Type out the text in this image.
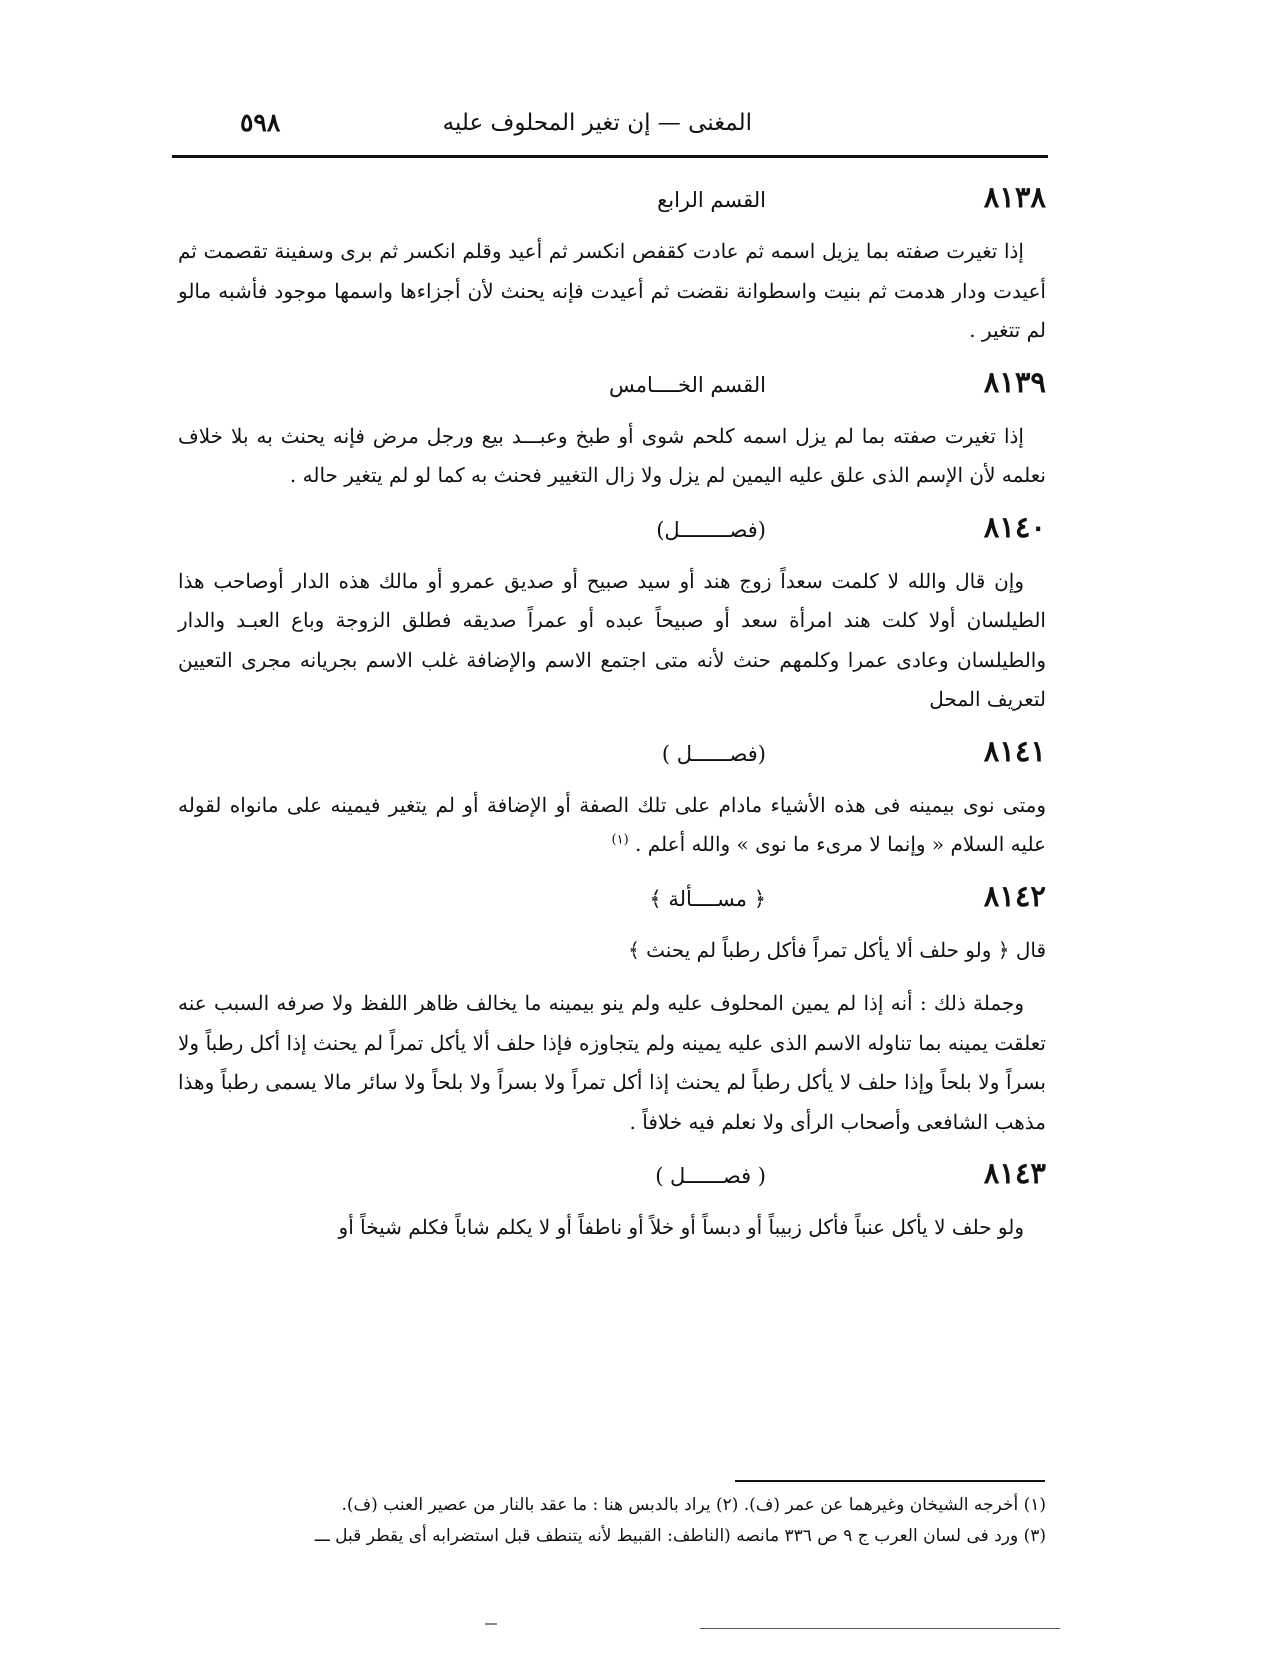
المغنى — إن تغير المحلوف عليه
٥٩٨
٨١٣٨
القسم الرابع

إذا تغيرت صفته بما يزيل اسمه ثم عادت كقفص انكسر ثم أعيد وقلم انكسر ثم برى وسفينة تقصمت ثم أعيدت ودار هدمت ثم بنيت واسطوانة نقضت ثم أعيدت فإنه يحنث لأن أجزاءها واسمها موجود فأشبه مالو لم تتغير .

٨١٣٩
القسم الخــــامس

إذا تغيرت صفته بما لم يزل اسمه كلحم شوى أو طبخ وعبـــد بيع ورجل مرض فإنه يحنث به بلا خلاف نعلمه لأن الإسم الذى علق عليه اليمين لم يزل ولا زال التغيير فحنث به كما لو لم يتغير حاله .

٨١٤٠
(فصــــــــل)

وإن قال والله لا كلمت سعداً زوج هند أو سيد صبيح أو صديق عمرو أو مالك هذه الدار أوصاحب هذا الطيلسان أولا كلت هند امرأة سعد أو صبيحاً عبده أو عمراً صديقه فطلق الزوجة وباع العبـد والدار والطيلسان وعادى عمرا وكلمهم حنث لأنه متى اجتمع الاسم والإضافة غلب الاسم بجريانه مجرى التعيين لتعريف المحل

٨١٤١
(فصــــــل )

ومتى نوى بيمينه فى هذه الأشياء مادام على تلك الصفة أو الإضافة أو لم يتغير فيمينه على مانواه لقوله عليه السلام « وإنما لا مرىء ما نوى » والله أعلم . $^{(١)}$

٨١٤٢
﴿ مســــألة ﴾

قال ﴿ ولو حلف ألا يأكل تمراً فأكل رطباً لم يحنث ﴾

وجملة ذلك : أنه إذا لم يمين المحلوف عليه ولم ينو بيمينه ما يخالف ظاهر اللفظ ولا صرفه السبب عنه تعلقت يمينه بما تناوله الاسم الذى عليه يمينه ولم يتجاوزه فإذا حلف ألا يأكل تمراً لم يحنث إذا أكل رطباً ولا بسراً ولا بلحاً وإذا حلف لا يأكل رطباً لم يحنث إذا أكل تمراً ولا بسراً ولا بلحاً ولا سائر مالا يسمى رطباً وهذا مذهب الشافعى وأصحاب الرأى ولا نعلم فيه خلافاً .

٨١٤٣
( فصــــــل )

ولو حلف لا يأكل عنباً فأكل زبيباً أو دبساً أو خلاً أو ناطفاً أو لا يكلم شاباً فكلم شيخاً أو

(١) أخرجه الشيخان وغيرهما عن عمر (ف). (٢) يراد بالدبس هنا : ما عقد بالنار من عصير العنب (ف).
(٣) ورد فى لسان العرب ج ٩ ص ٣٣٦ مانصه (الناطف: القبيط لأنه يتنطف قبل استضرابه أى يقطر قبل ـــ
